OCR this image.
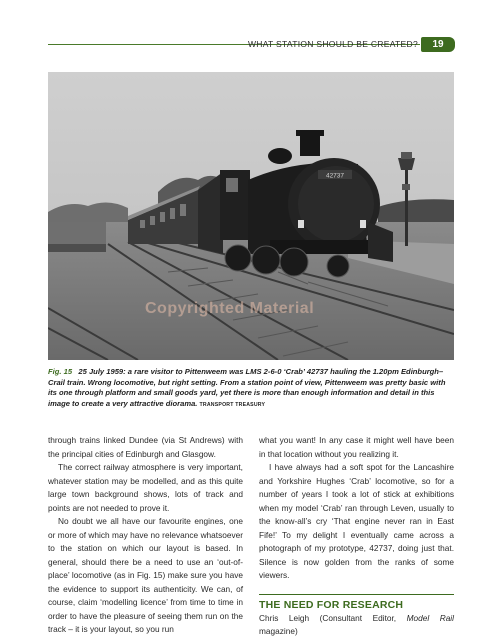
WHAT STATION SHOULD BE CREATED?	19
42737
Copyrighted Material
Fig. 15 25 July 1959: a rare visitor to Pittenweem was LMS 2-6-0 ‘Crab’ 42737 hauling the 1.20pm Edinburgh–Crail train. Wrong locomotive, but right setting. From a station point of view, Pittenweem was pretty basic with its one through platform and small goods yard, yet there is more than enough information and detail in this image to create a very attractive diorama. TRANSPORT TREASURY

through trains linked Dundee (via St Andrews) with the principal cities of Edinburgh and Glasgow.

The correct railway atmosphere is very important, whatever station may be modelled, and as this quite large town background shows, lots of track and points are not needed to prove it.

No doubt we all have our favourite engines, one or more of which may have no relevance whatsoever to the station on which our layout is based. In general, should there be a need to use an ‘out-of-place’ locomotive (as in Fig. 15) make sure you have the evidence to support its authenticity. We can, of course, claim ‘modelling licence’ from time to time in order to have the pleasure of seeing them run on the track – it is your layout, so you run

what you want! In any case it might well have been in that location without you realizing it.

I have always had a soft spot for the Lancashire and Yorkshire Hughes ‘Crab’ locomotive, so for a number of years I took a lot of stick at exhibitions when my model ‘Crab’ ran through Leven, usually to the know-all’s cry ‘That engine never ran in East Fife!’ To my delight I eventually came across a photograph of my prototype, 42737, doing just that. Silence is now golden from the ranks of some viewers.

THE NEED FOR RESEARCH

Chris Leigh (Consultant Editor, Model Rail magazine)
